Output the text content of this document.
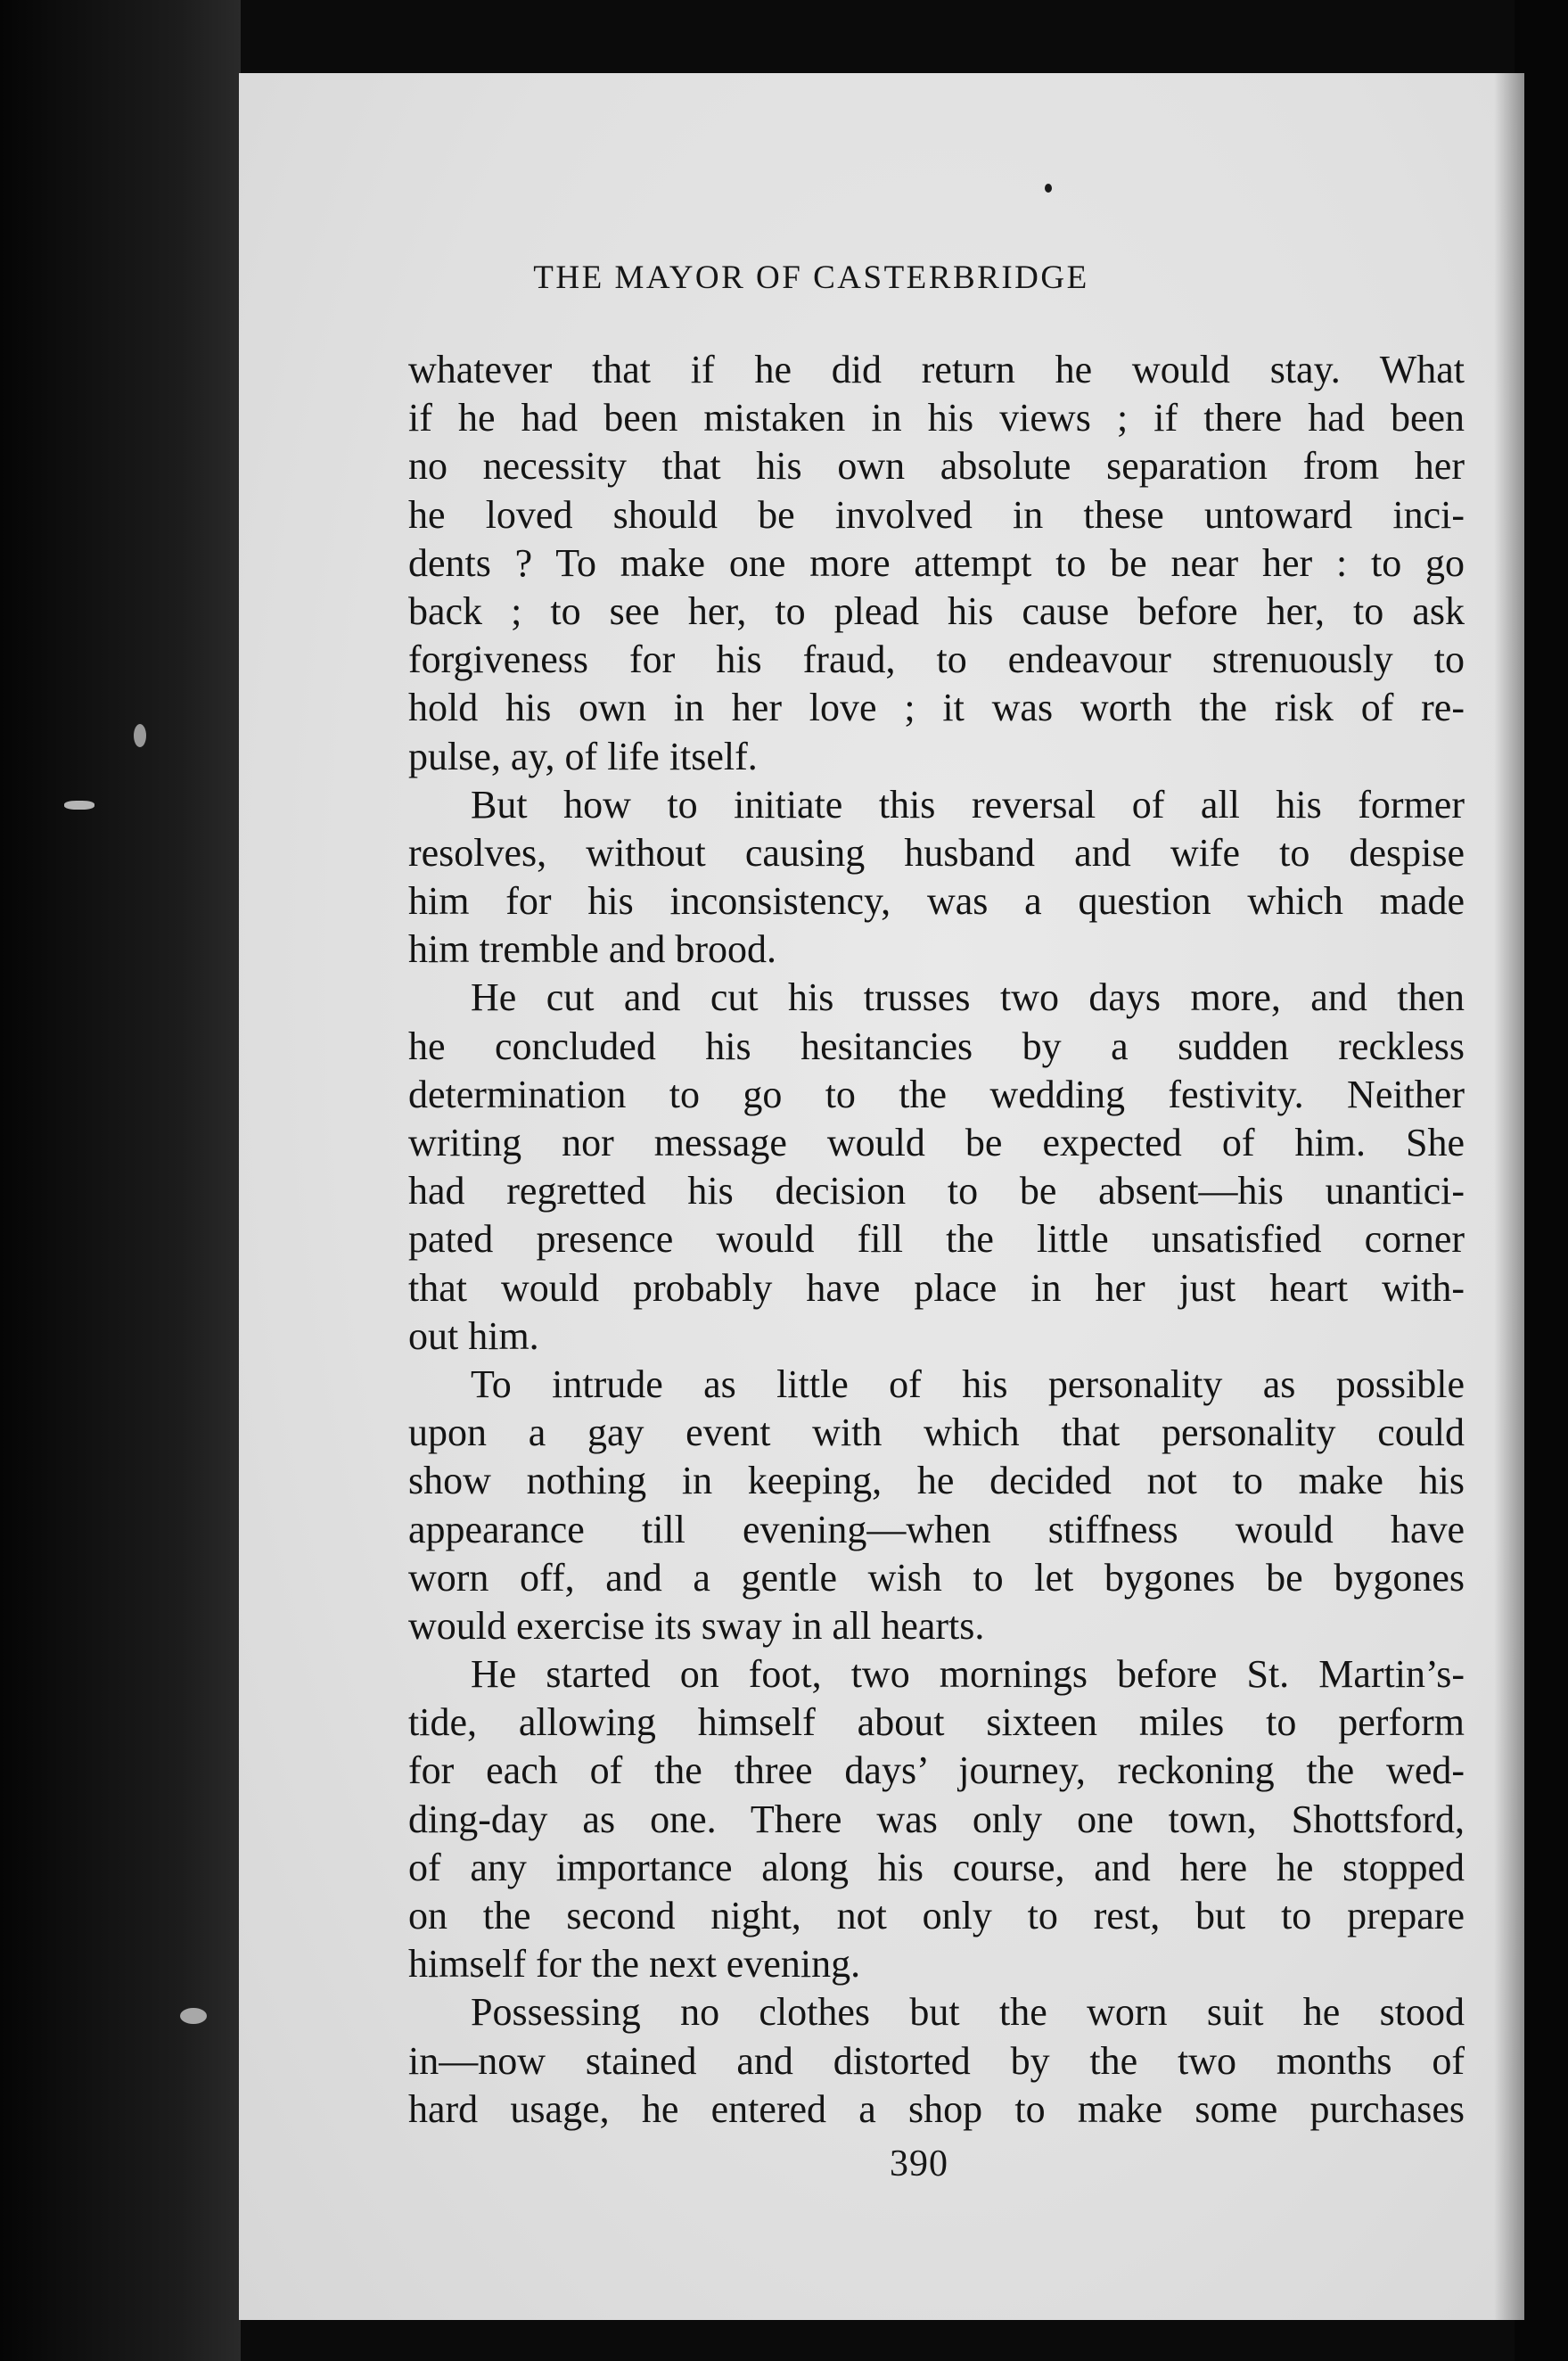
THE MAYOR OF CASTERBRIDGE
whatever that if he did return he would stay. What
if he had been mistaken in his views ; if there had been
no necessity that his own absolute separation from her
he loved should be involved in these untoward inci-
dents ? To make one more attempt to be near her : to go
back ; to see her, to plead his cause before her, to ask
forgiveness for his fraud, to endeavour strenuously to
hold his own in her love ; it was worth the risk of re-
pulse, ay, of life itself.
But how to initiate this reversal of all his former
resolves, without causing husband and wife to despise
him for his inconsistency, was a question which made
him tremble and brood.
He cut and cut his trusses two days more, and then
he concluded his hesitancies by a sudden reckless
determination to go to the wedding festivity. Neither
writing nor message would be expected of him. She
had regretted his decision to be absent—his unantici-
pated presence would fill the little unsatisfied corner
that would probably have place in her just heart with-
out him.
To intrude as little of his personality as possible
upon a gay event with which that personality could
show nothing in keeping, he decided not to make his
appearance till evening—when stiffness would have
worn off, and a gentle wish to let bygones be bygones
would exercise its sway in all hearts.
He started on foot, two mornings before St. Martin’s-
tide, allowing himself about sixteen miles to perform
for each of the three days’ journey, reckoning the wed-
ding-day as one. There was only one town, Shottsford,
of any importance along his course, and here he stopped
on the second night, not only to rest, but to prepare
himself for the next evening.
Possessing no clothes but the worn suit he stood
in—now stained and distorted by the two months of
hard usage, he entered a shop to make some purchases
390
